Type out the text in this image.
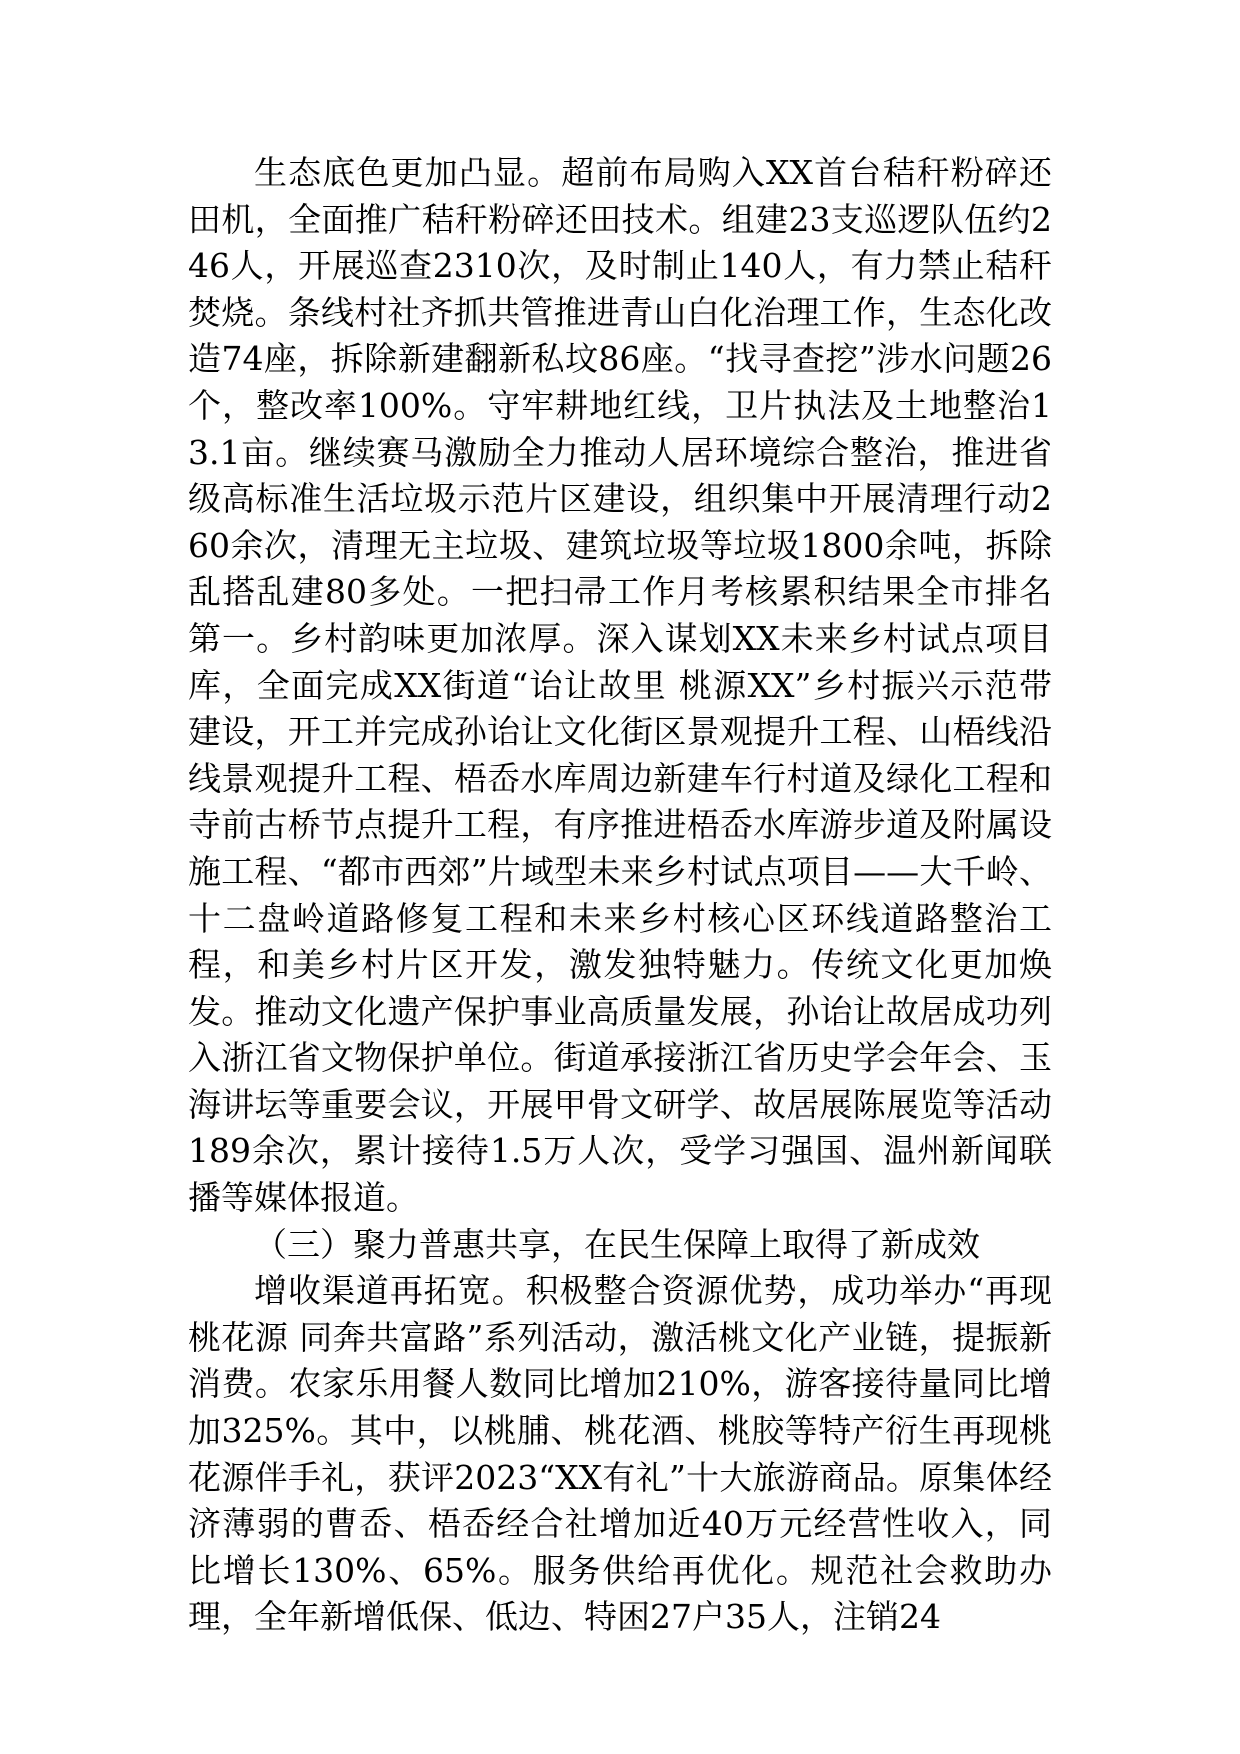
生态底色更加凸显。超前布局购入XX首台秸秆粉碎还田机，全面推广秸秆粉碎还田技术。组建23支巡逻队伍约246人，开展巡查2310次，及时制止140人，有力禁止秸秆焚烧。条线村社齐抓共管推进青山白化治理工作，生态化改造74座，拆除新建翻新私坟86座。“找寻查挖”涉水问题26个，整改率100%。守牢耕地红线，卫片执法及土地整治13.1亩。继续赛马激励全力推动人居环境综合整治，推进省级高标准生活垃圾示范片区建设，组织集中开展清理行动260余次，清理无主垃圾、建筑垃圾等垃圾1800余吨，拆除乱搭乱建80多处。一把扫帚工作月考核累积结果全市排名第一。乡村韵味更加浓厚。深入谋划XX未来乡村试点项目库，全面完成XX街道“诒让故里 桃源XX”乡村振兴示范带建设，开工并完成孙诒让文化街区景观提升工程、山梧线沿线景观提升工程、梧岙水库周边新建车行村道及绿化工程和寺前古桥节点提升工程，有序推进梧岙水库游步道及附属设施工程、“都市西郊”片域型未来乡村试点项目——大千岭、十二盘岭道路修复工程和未来乡村核心区环线道路整治工程，和美乡村片区开发，激发独特魅力。传统文化更加焕发。推动文化遗产保护事业高质量发展，孙诒让故居成功列入浙江省文物保护单位。街道承接浙江省历史学会年会、玉海讲坛等重要会议，开展甲骨文研学、故居展陈展览等活动189余次，累计接待1.5万人次，受学习强国、温州新闻联播等媒体报道。

（三）聚力普惠共享，在民生保障上取得了新成效

增收渠道再拓宽。积极整合资源优势，成功举办“再现桃花源 同奔共富路”系列活动，激活桃文化产业链，提振新消费。农家乐用餐人数同比增加210%，游客接待量同比增加325%。其中，以桃脯、桃花酒、桃胶等特产衍生再现桃花源伴手礼，获评2023“XX有礼”十大旅游商品。原集体经济薄弱的曹岙、梧岙经合社增加近40万元经营性收入，同比增长130%、65%。服务供给再优化。规范社会救助办理，全年新增低保、低边、特困27户35人，注销24
